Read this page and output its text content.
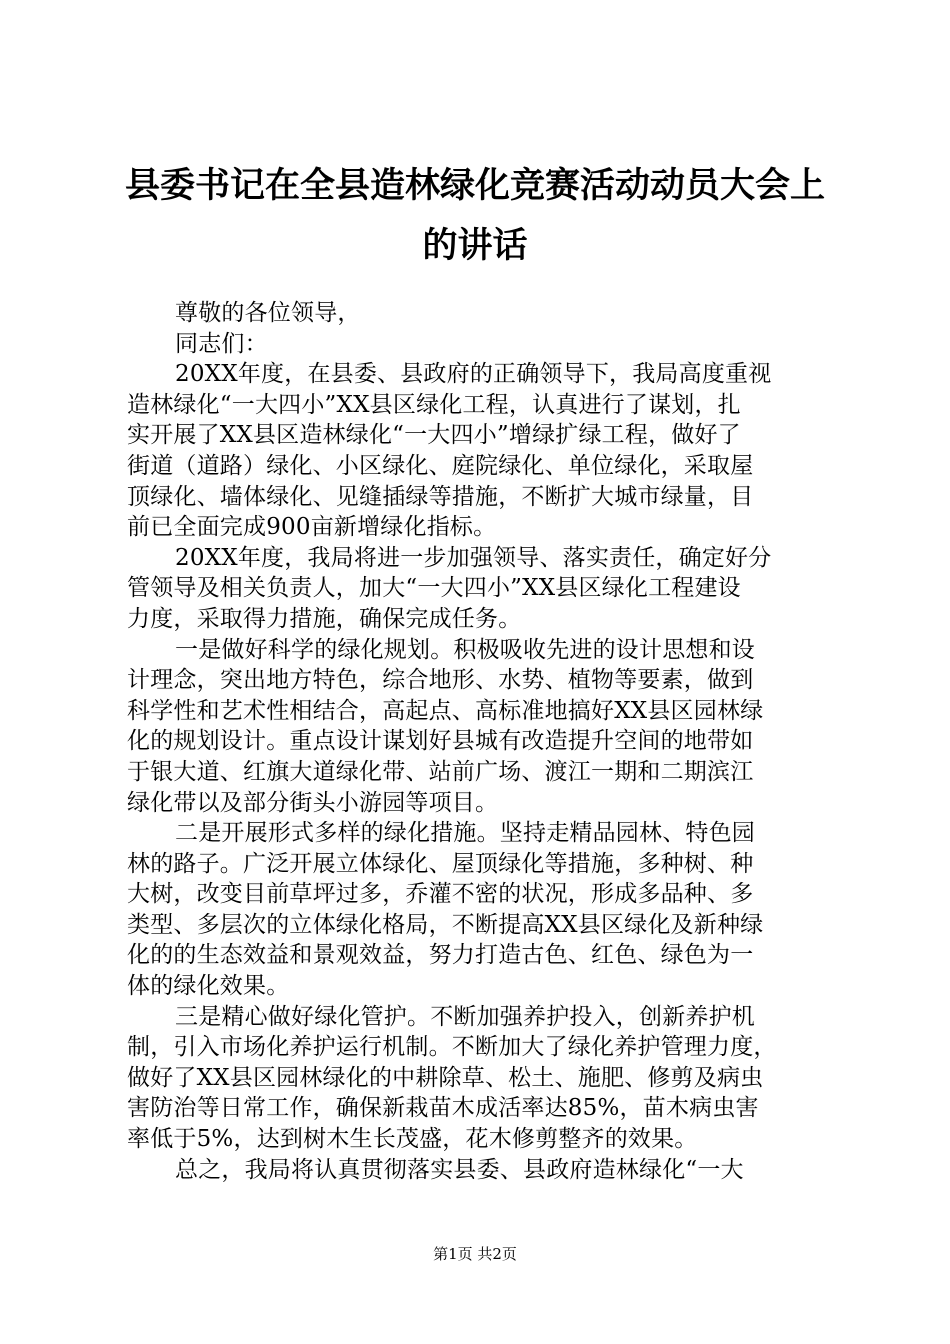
县委书记在全县造林绿化竞赛活动动员大会上
的讲话
尊敬的各位领导，
同志们：
20XX年度，在县委、县政府的正确领导下，我局高度重视
造林绿化“一大四小”XX县区绿化工程，认真进行了谋划，扎
实开展了XX县区造林绿化“一大四小”增绿扩绿工程，做好了
街道（道路）绿化、小区绿化、庭院绿化、单位绿化，采取屋
顶绿化、墙体绿化、见缝插绿等措施，不断扩大城市绿量，目
前已全面完成900亩新增绿化指标。
20XX年度，我局将进一步加强领导、落实责任，确定好分
管领导及相关负责人，加大“一大四小”XX县区绿化工程建设
力度，采取得力措施，确保完成任务。
一是做好科学的绿化规划。积极吸收先进的设计思想和设
计理念，突出地方特色，综合地形、水势、植物等要素，做到
科学性和艺术性相结合，高起点、高标准地搞好XX县区园林绿
化的规划设计。重点设计谋划好县城有改造提升空间的地带如
于银大道、红旗大道绿化带、站前广场、渡江一期和二期滨江
绿化带以及部分街头小游园等项目。
二是开展形式多样的绿化措施。坚持走精品园林、特色园
林的路子。广泛开展立体绿化、屋顶绿化等措施，多种树、种
大树，改变目前草坪过多，乔灌不密的状况，形成多品种、多
类型、多层次的立体绿化格局，不断提高XX县区绿化及新种绿
化的的生态效益和景观效益，努力打造古色、红色、绿色为一
体的绿化效果。
三是精心做好绿化管护。不断加强养护投入，创新养护机
制，引入市场化养护运行机制。不断加大了绿化养护管理力度，
做好了XX县区园林绿化的中耕除草、松土、施肥、修剪及病虫
害防治等日常工作，确保新栽苗木成活率达85%，苗木病虫害
率低于5%，达到树木生长茂盛，花木修剪整齐的效果。
总之，我局将认真贯彻落实县委、县政府造林绿化“一大
第1页 共2页
